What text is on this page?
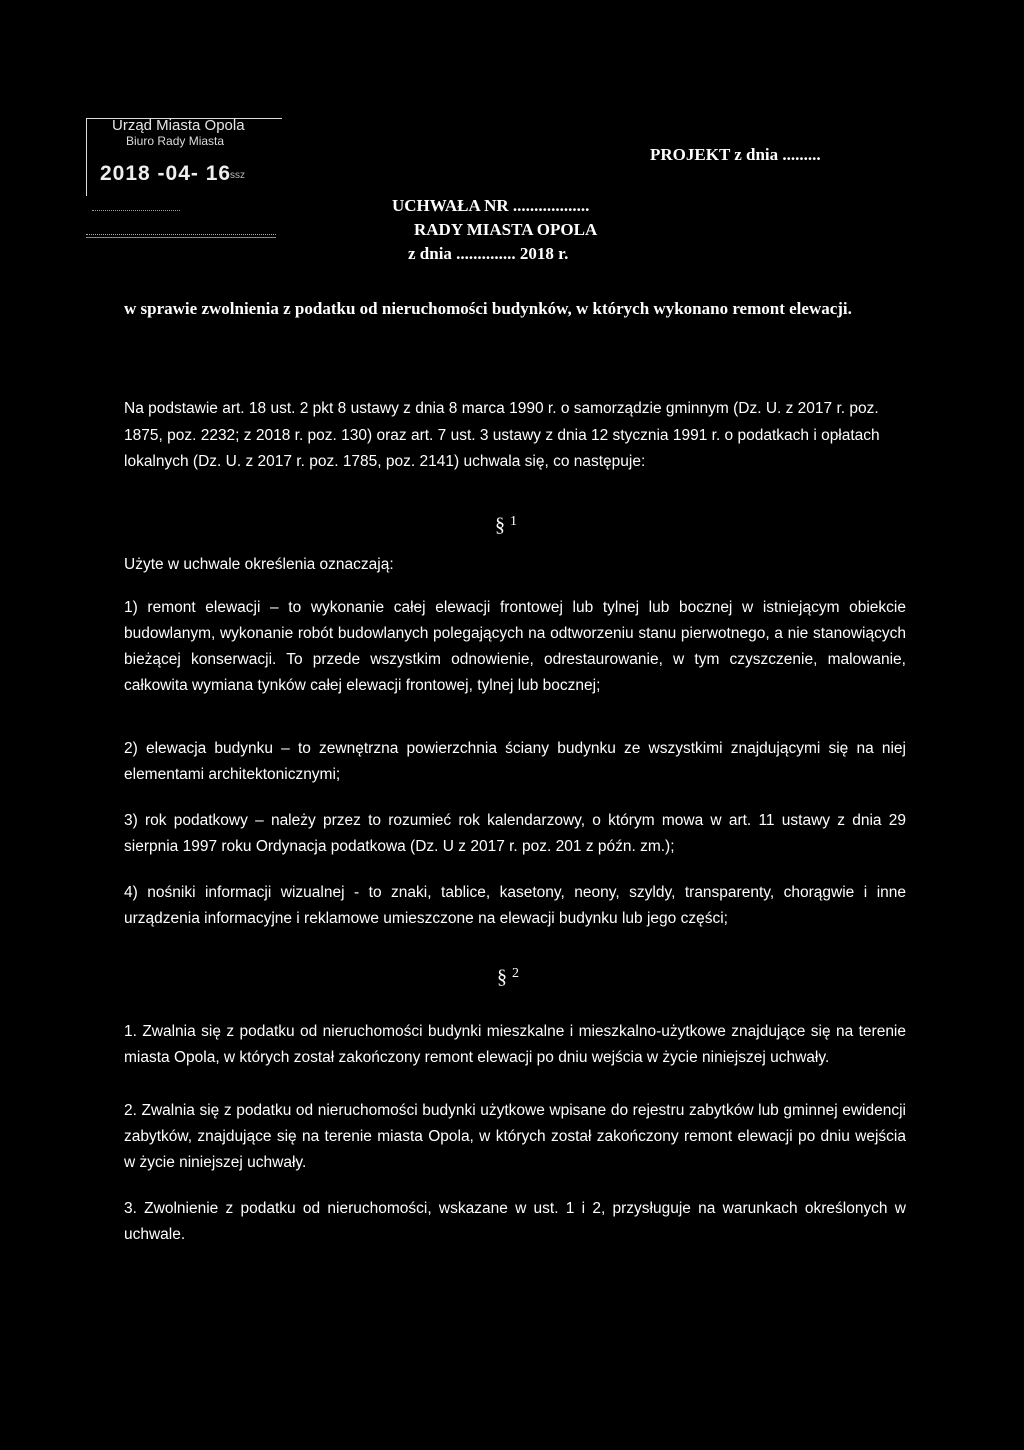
Urząd Miasta Opola
Biuro Rady Miasta
2018 -04- 16
ssz
PROJEKT z dnia .........
UCHWAŁA NR ..................
RADY MIASTA OPOLA
z dnia .............. 2018 r.
w sprawie zwolnienia z podatku od nieruchomości budynków, w których wykonano remont elewacji.
Na podstawie art. 18 ust. 2 pkt 8 ustawy z dnia 8 marca 1990 r. o samorządzie gminnym (Dz. U. z 2017 r. poz. 1875, poz. 2232; z 2018 r. poz. 130) oraz art. 7 ust. 3 ustawy z dnia 12 stycznia 1991 r. o podatkach i opłatach lokalnych (Dz. U. z 2017 r. poz. 1785, poz. 2141) uchwala się, co następuje:
§ $^1$
Użyte w uchwale określenia oznaczają:
1) remont elewacji – to wykonanie całej elewacji frontowej lub tylnej lub bocznej w istniejącym obiekcie budowlanym, wykonanie robót budowlanych polegających na odtworzeniu stanu pierwotnego, a nie stanowiących bieżącej konserwacji. To przede wszystkim odnowienie, odrestaurowanie, w tym czyszczenie, malowanie, całkowita wymiana tynków całej elewacji frontowej, tylnej lub bocznej;
2) elewacja budynku – to zewnętrzna powierzchnia ściany budynku ze wszystkimi znajdującymi się na niej elementami architektonicznymi;
3) rok podatkowy – należy przez to rozumieć rok kalendarzowy, o którym mowa w art. 11 ustawy z dnia 29 sierpnia 1997 roku Ordynacja podatkowa (Dz. U z 2017 r. poz. 201 z późn. zm.);
4) nośniki informacji wizualnej - to znaki, tablice, kasetony, neony, szyldy, transparenty, chorągwie i inne urządzenia informacyjne i reklamowe umieszczone na elewacji budynku lub jego części;
§ $^2$
1. Zwalnia się z podatku od nieruchomości budynki mieszkalne i mieszkalno-użytkowe znajdujące się na terenie miasta Opola, w których został zakończony remont elewacji po dniu wejścia w życie niniejszej uchwały.
2. Zwalnia się z podatku od nieruchomości budynki użytkowe wpisane do rejestru zabytków lub gminnej ewidencji zabytków, znajdujące się na terenie miasta Opola, w których został zakończony remont elewacji po dniu wejścia w życie niniejszej uchwały.
3. Zwolnienie z podatku od nieruchomości, wskazane w ust. 1 i 2, przysługuje na warunkach określonych w uchwale.
